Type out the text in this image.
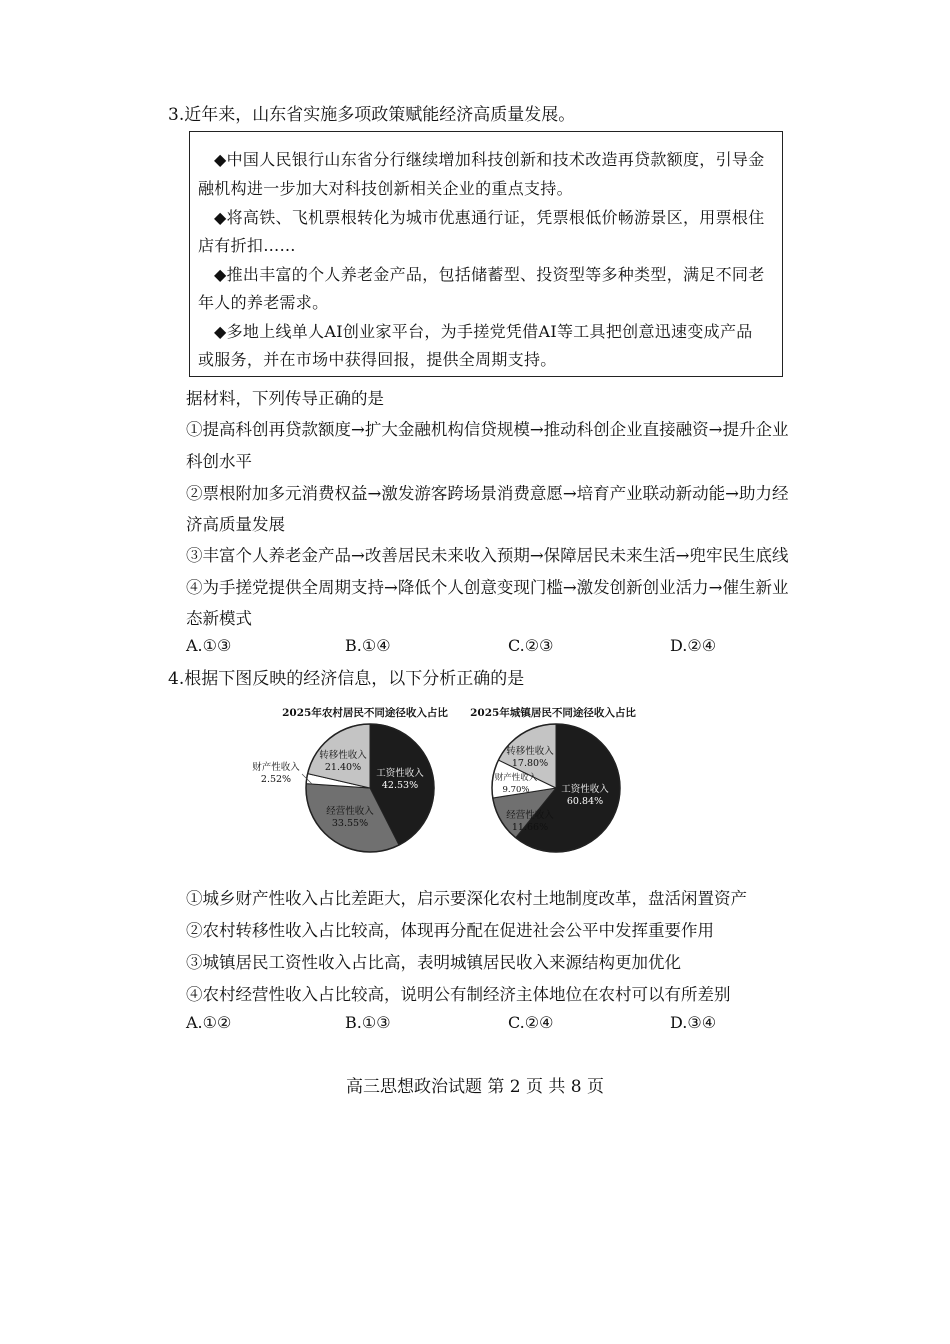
3.近年来，山东省实施多项政策赋能经济高质量发展。
◆中国人民银行山东省分行继续增加科技创新和技术改造再贷款额度，引导金
融机构进一步加大对科技创新相关企业的重点支持。
◆将高铁、飞机票根转化为城市优惠通行证，凭票根低价畅游景区，用票根住
店有折扣……
◆推出丰富的个人养老金产品，包括储蓄型、投资型等多种类型，满足不同老
年人的养老需求。
◆多地上线单人AI创业家平台，为手搓党凭借AI等工具把创意迅速变成产品
或服务，并在市场中获得回报，提供全周期支持。
据材料，下列传导正确的是
①提高科创再贷款额度→扩大金融机构信贷规模→推动科创企业直接融资→提升企业
科创水平
②票根附加多元消费权益→激发游客跨场景消费意愿→培育产业联动新动能→助力经
济高质量发展
③丰富个人养老金产品→改善居民未来收入预期→保障居民未来生活→兜牢民生底线
④为手搓党提供全周期支持→降低个人创意变现门槛→激发创新创业活力→催生新业
态新模式
A.①③	B.①④	C.②③	D.②④
4.根据下图反映的经济信息，以下分析正确的是
2025年农村居民不同途径收入占比
工资性收入
42.53%
经营性收入
33.55%
财产性收入
2.52%
转移性收入
21.40%
2025年城镇居民不同途径收入占比
工资性收入
60.84%
经营性收入
11.66%
财产性收入
9.70%
转移性收入
17.80%
①城乡财产性收入占比差距大，启示要深化农村土地制度改革，盘活闲置资产
②农村转移性收入占比较高，体现再分配在促进社会公平中发挥重要作用
③城镇居民工资性收入占比高，表明城镇居民收入来源结构更加优化
④农村经营性收入占比较高，说明公有制经济主体地位在农村可以有所差别
A.①②	B.①③	C.②④	D.③④
高三思想政治试题 第 2 页 共 8 页
